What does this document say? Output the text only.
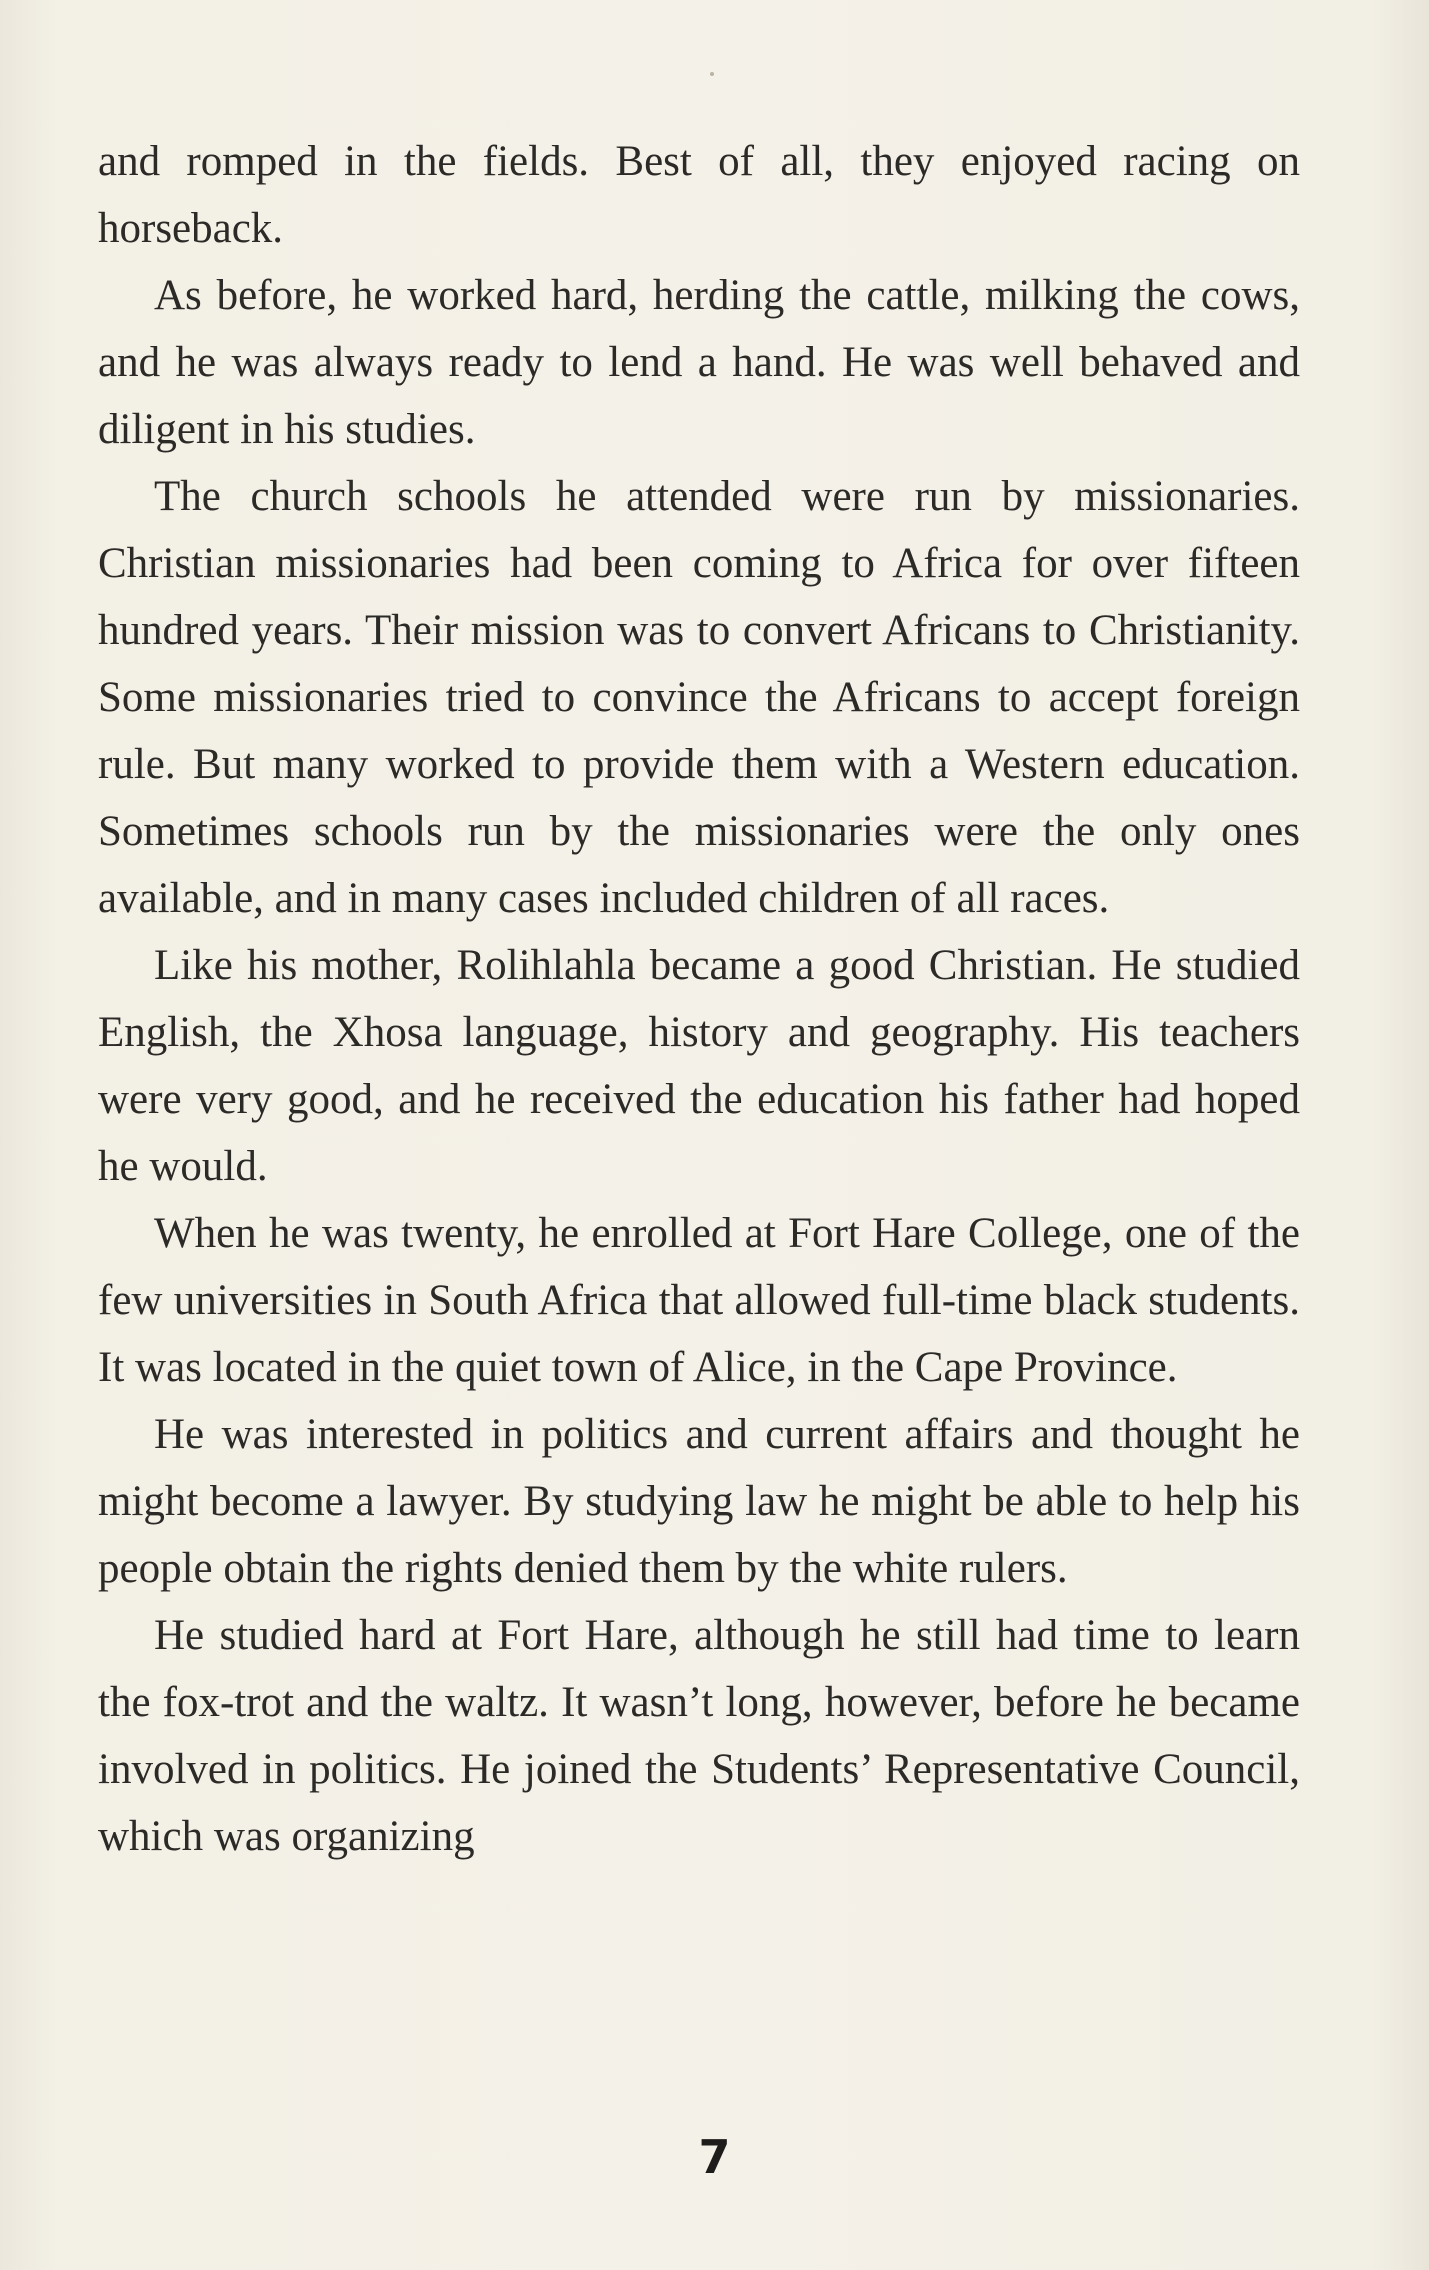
and romped in the fields. Best of all, they enjoyed racing on horseback.

As before, he worked hard, herding the cattle, milking the cows, and he was always ready to lend a hand. He was well behaved and diligent in his studies.

The church schools he attended were run by missionaries. Christian missionaries had been coming to Africa for over fifteen hundred years. Their mission was to convert Africans to Christianity. Some missionaries tried to convince the Africans to accept foreign rule. But many worked to provide them with a Western education. Sometimes schools run by the missionaries were the only ones available, and in many cases included children of all races.

Like his mother, Rolihlahla became a good Christian. He studied English, the Xhosa language, history and geography. His teachers were very good, and he received the education his father had hoped he would.

When he was twenty, he enrolled at Fort Hare College, one of the few universities in South Africa that allowed full-time black students. It was located in the quiet town of Alice, in the Cape Province.

He was interested in politics and current affairs and thought he might become a lawyer. By studying law he might be able to help his people obtain the rights denied them by the white rulers.

He studied hard at Fort Hare, although he still had time to learn the fox-trot and the waltz. It wasn’t long, however, before he became involved in politics. He joined the Students’ Representative Council, which was organizing

7
